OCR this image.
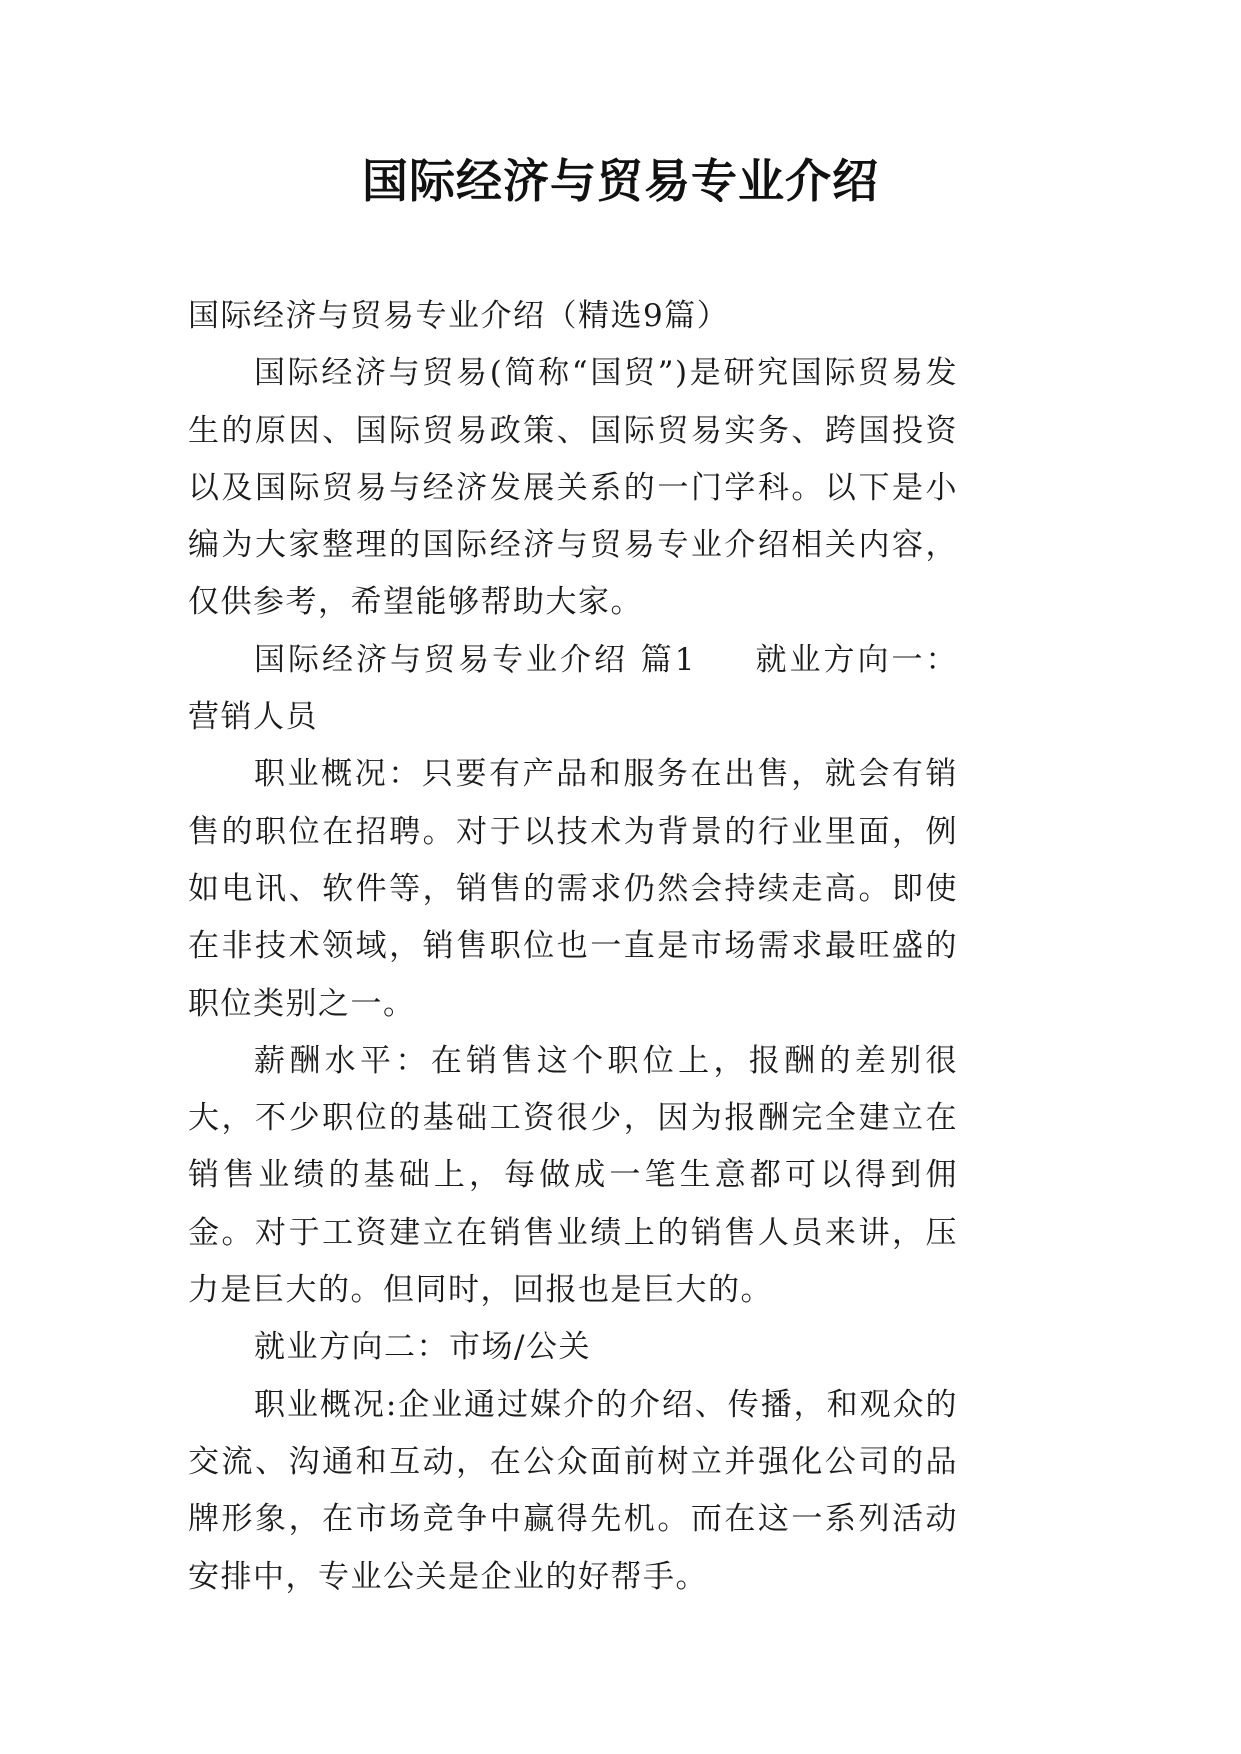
国际经济与贸易专业介绍

国际经济与贸易专业介绍（精选9篇）

国际经济与贸易(简称“国贸”)是研究国际贸易发生的原因、国际贸易政策、国际贸易实务、跨国投资以及国际贸易与经济发展关系的一门学科。以下是小编为大家整理的国际经济与贸易专业介绍相关内容，仅供参考，希望能够帮助大家。

国际经济与贸易专业介绍 篇1 就业方向一：营销人员

职业概况：只要有产品和服务在出售，就会有销售的职位在招聘。对于以技术为背景的行业里面，例如电讯、软件等，销售的需求仍然会持续走高。即使在非技术领域，销售职位也一直是市场需求最旺盛的职位类别之一。

薪酬水平：在销售这个职位上，报酬的差别很大，不少职位的基础工资很少，因为报酬完全建立在销售业绩的基础上，每做成一笔生意都可以得到佣金。对于工资建立在销售业绩上的销售人员来讲，压力是巨大的。但同时，回报也是巨大的。

就业方向二：市场/公关

职业概况:企业通过媒介的介绍、传播，和观众的交流、沟通和互动，在公众面前树立并强化公司的品牌形象，在市场竞争中赢得先机。而在这一系列活动安排中，专业公关是企业的好帮手。
